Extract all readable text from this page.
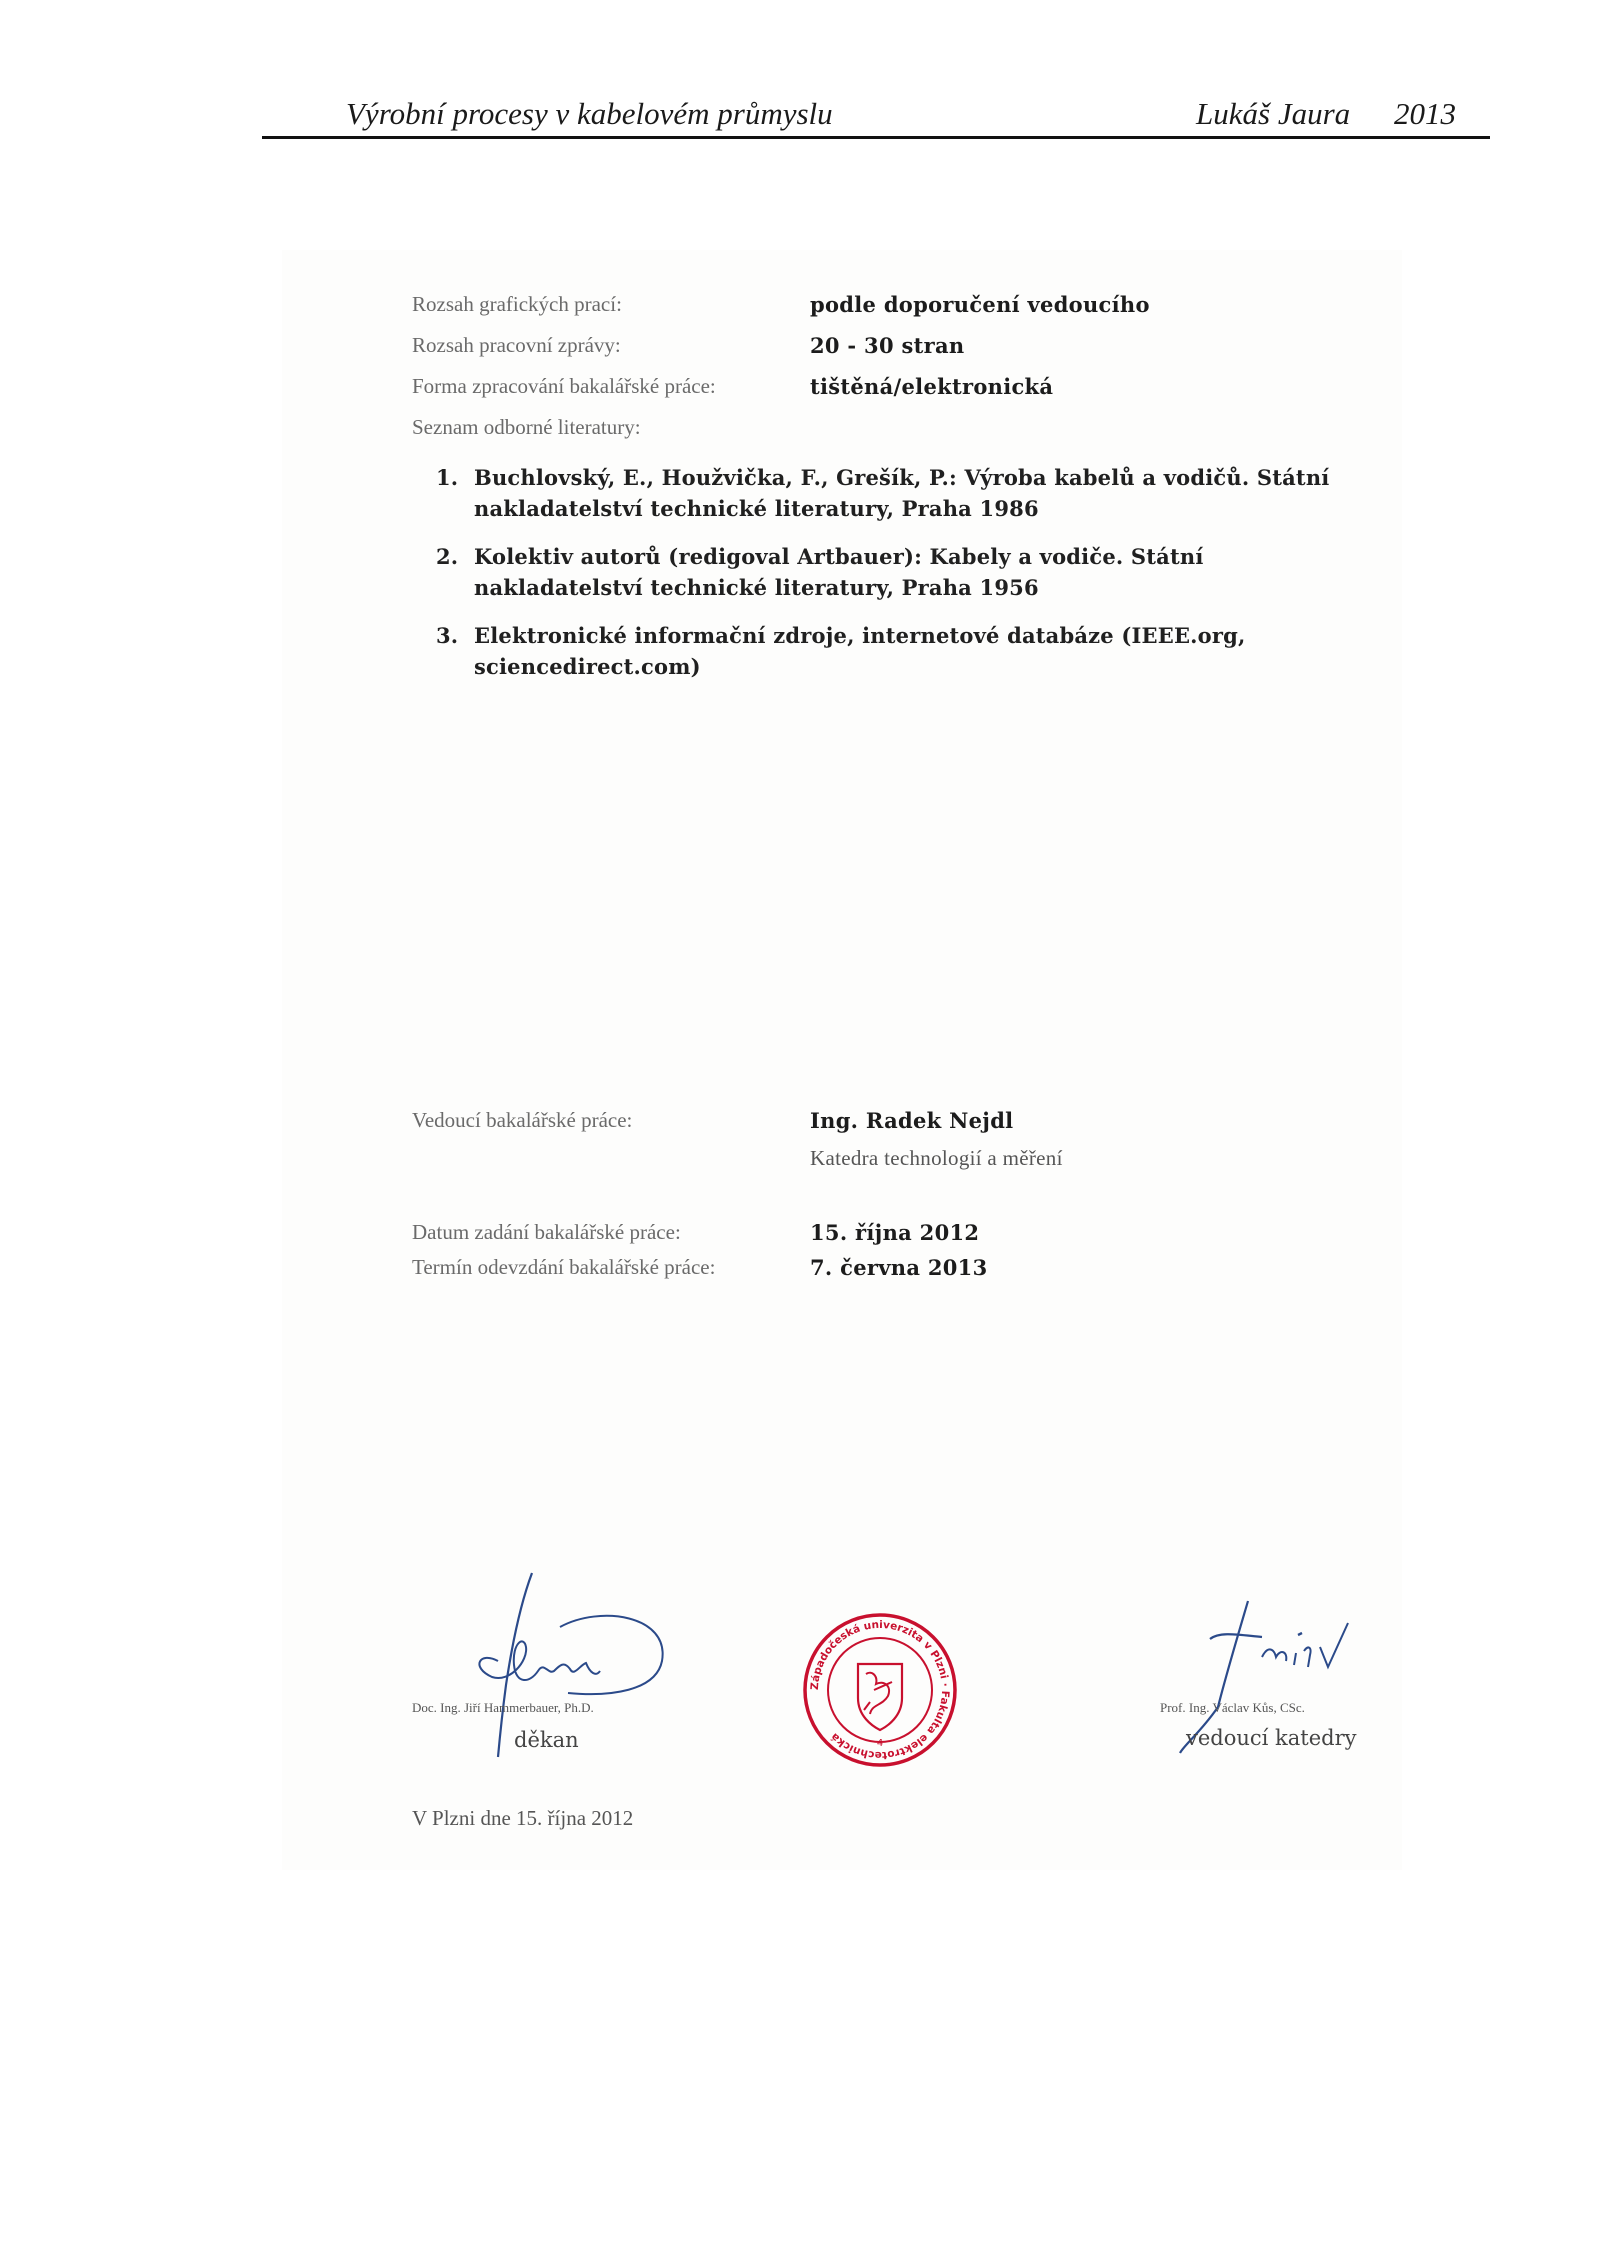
Výrobní procesy v kabelovém průmyslu	Lukáš Jaura 2013
Rozsah grafických prací:	podle doporučení vedoucího
Rozsah pracovní zprávy:	20 - 30 stran
Forma zpracování bakalářské práce:	tištěná/elektronická
Seznam odborné literatury:
1. Buchlovský, E., Houžvička, F., Grešík, P.: Výroba kabelů a vodičů. Státní
nakladatelství technické literatury, Praha 1986
2. Kolektiv autorů (redigoval Artbauer): Kabely a vodiče. Státní
nakladatelství technické literatury, Praha 1956
3. Elektronické informační zdroje, internetové databáze (IEEE.org,
sciencedirect.com)
Vedoucí bakalářské práce:	Ing. Radek Nejdl
Katedra technologií a měření
Datum zadání bakalářské práce:	15. října 2012
Termín odevzdání bakalářské práce:	7. června 2013
Doc. Ing. Jiří Hammerbauer, Ph.D.
děkan
Západočeská univerzita v Plzni · Fakulta elektrotechnická	4
Prof. Ing. Václav Kůs, CSc.
vedoucí katedry
V Plzni dne 15. října 2012
